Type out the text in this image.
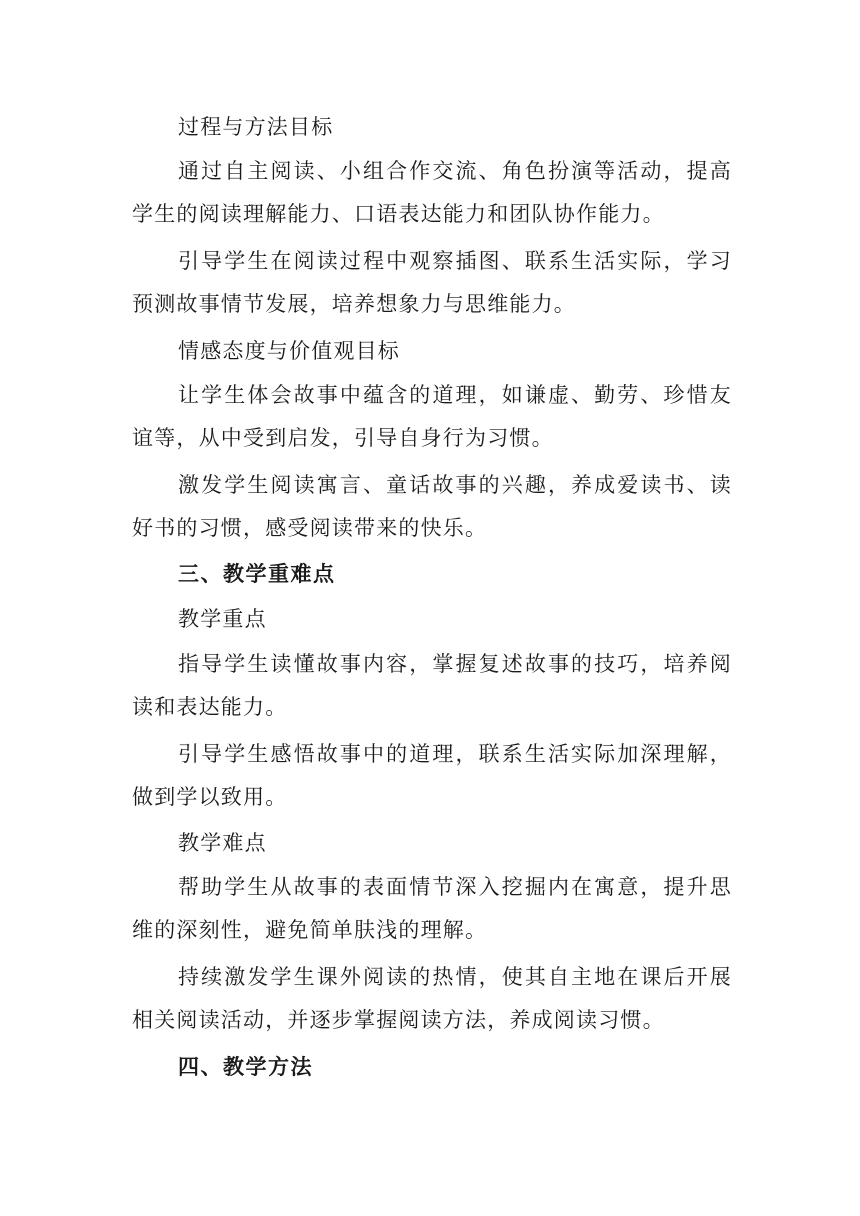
过程与方法目标

通过自主阅读、小组合作交流、角色扮演等活动，提高学生的阅读理解能力、口语表达能力和团队协作能力。

引导学生在阅读过程中观察插图、联系生活实际，学习预测故事情节发展，培养想象力与思维能力。

情感态度与价值观目标

让学生体会故事中蕴含的道理，如谦虚、勤劳、珍惜友谊等，从中受到启发，引导自身行为习惯。

激发学生阅读寓言、童话故事的兴趣，养成爱读书、读好书的习惯，感受阅读带来的快乐。

三、教学重难点

教学重点

指导学生读懂故事内容，掌握复述故事的技巧，培养阅读和表达能力。

引导学生感悟故事中的道理，联系生活实际加深理解，做到学以致用。

教学难点

帮助学生从故事的表面情节深入挖掘内在寓意，提升思维的深刻性，避免简单肤浅的理解。

持续激发学生课外阅读的热情，使其自主地在课后开展相关阅读活动，并逐步掌握阅读方法，养成阅读习惯。

四、教学方法
